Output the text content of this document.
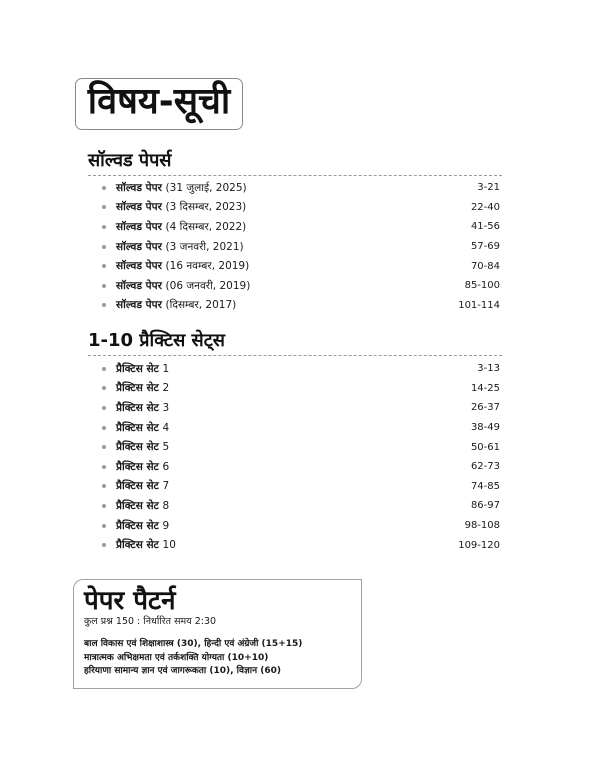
विषय-सूची
सॉल्वड पेपर्स
सॉल्वड पेपर (31 जुलाई, 2025)	3-21
सॉल्वड पेपर (3 दिसम्बर, 2023)	22-40
सॉल्वड पेपर (4 दिसम्बर, 2022)	41-56
सॉल्वड पेपर (3 जनवरी, 2021)	57-69
सॉल्वड पेपर (16 नवम्बर, 2019)	70-84
सॉल्वड पेपर (06 जनवरी, 2019)	85-100
सॉल्वड पेपर (दिसम्बर, 2017)	101-114
1-10 प्रैक्टिस सेट्स
प्रैक्टिस सेट 1	3-13
प्रैक्टिस सेट 2	14-25
प्रैक्टिस सेट 3	26-37
प्रैक्टिस सेट 4	38-49
प्रैक्टिस सेट 5	50-61
प्रैक्टिस सेट 6	62-73
प्रैक्टिस सेट 7	74-85
प्रैक्टिस सेट 8	86-97
प्रैक्टिस सेट 9	98-108
प्रैक्टिस सेट 10	109-120
पेपर पैटर्न
कुल प्रश्न 150 : निर्धारित समय 2:30
बाल विकास एवं शिक्षाशास्त्र (30), हिन्दी एवं अंग्रेजी (15+15)
मात्रात्मक अभिक्षमता एवं तर्कशक्ति योग्यता (10+10)
हरियाणा सामान्य ज्ञान एवं जागरूकता (10), विज्ञान (60)
